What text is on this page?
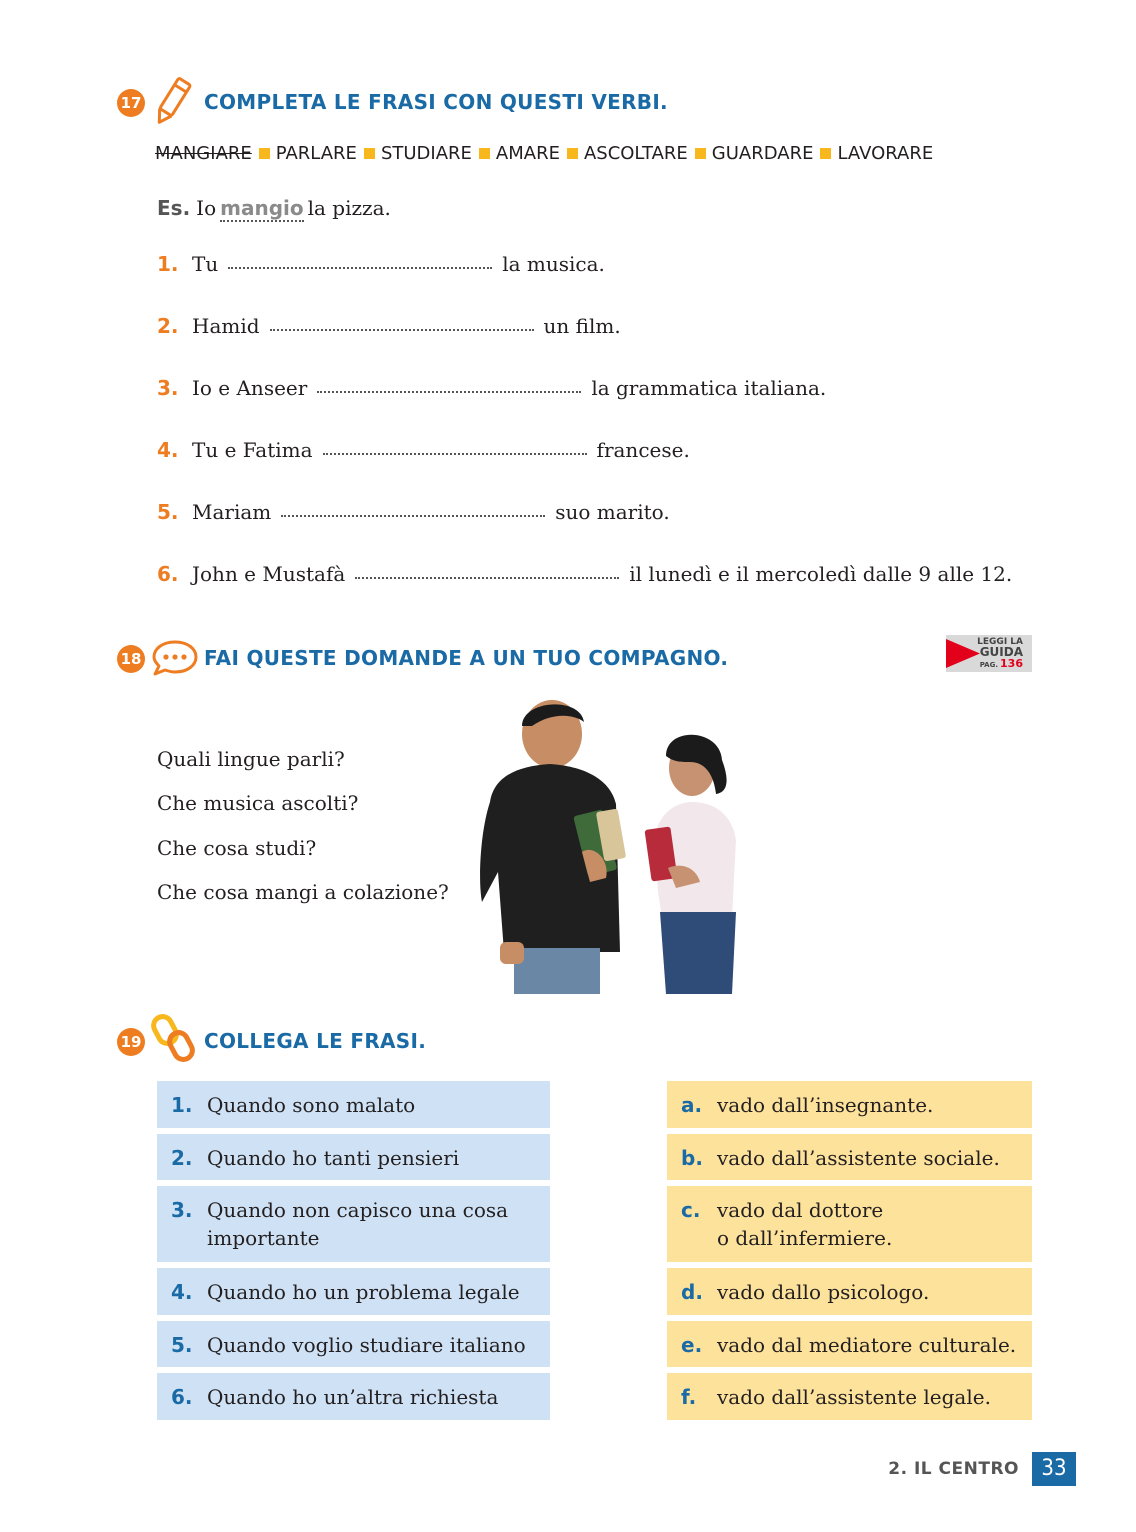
17	COMPLETA LE FRASI CON QUESTI VERBI.
MANGIARE PARLARE STUDIARE AMARE ASCOLTARE GUARDARE LAVORARE
Es. Io mangio la pizza.
1. Tu	la musica.
2. Hamid	un film.
3. Io e Anseer	la grammatica italiana.
4. Tu e Fatima	francese.
5. Mariam	suo marito.
6. John e Mustafà	il lunedì e il mercoledì dalle 9 alle 12.
18	FAI QUESTE DOMANDE A UN TUO COMPAGNO.
LEGGI LA
GUIDA
PAG. 136
Quali lingue parli?
Che musica ascolti?
Che cosa studi?
Che cosa mangi a colazione?
19	COLLEGA LE FRASI.
1. Quando sono malato
2. Quando ho tanti pensieri
3. Quando non capisco una cosa
importante
4. Quando ho un problema legale
5. Quando voglio studiare italiano
6. Quando ho un’altra richiesta
a. vado dall’insegnante.
b. vado dall’assistente sociale.
c. vado dal dottore
o dall’infermiere.
d. vado dallo psicologo.
e. vado dal mediatore culturale.
f.	vado dall’assistente legale.
2. IL CENTRO	33
